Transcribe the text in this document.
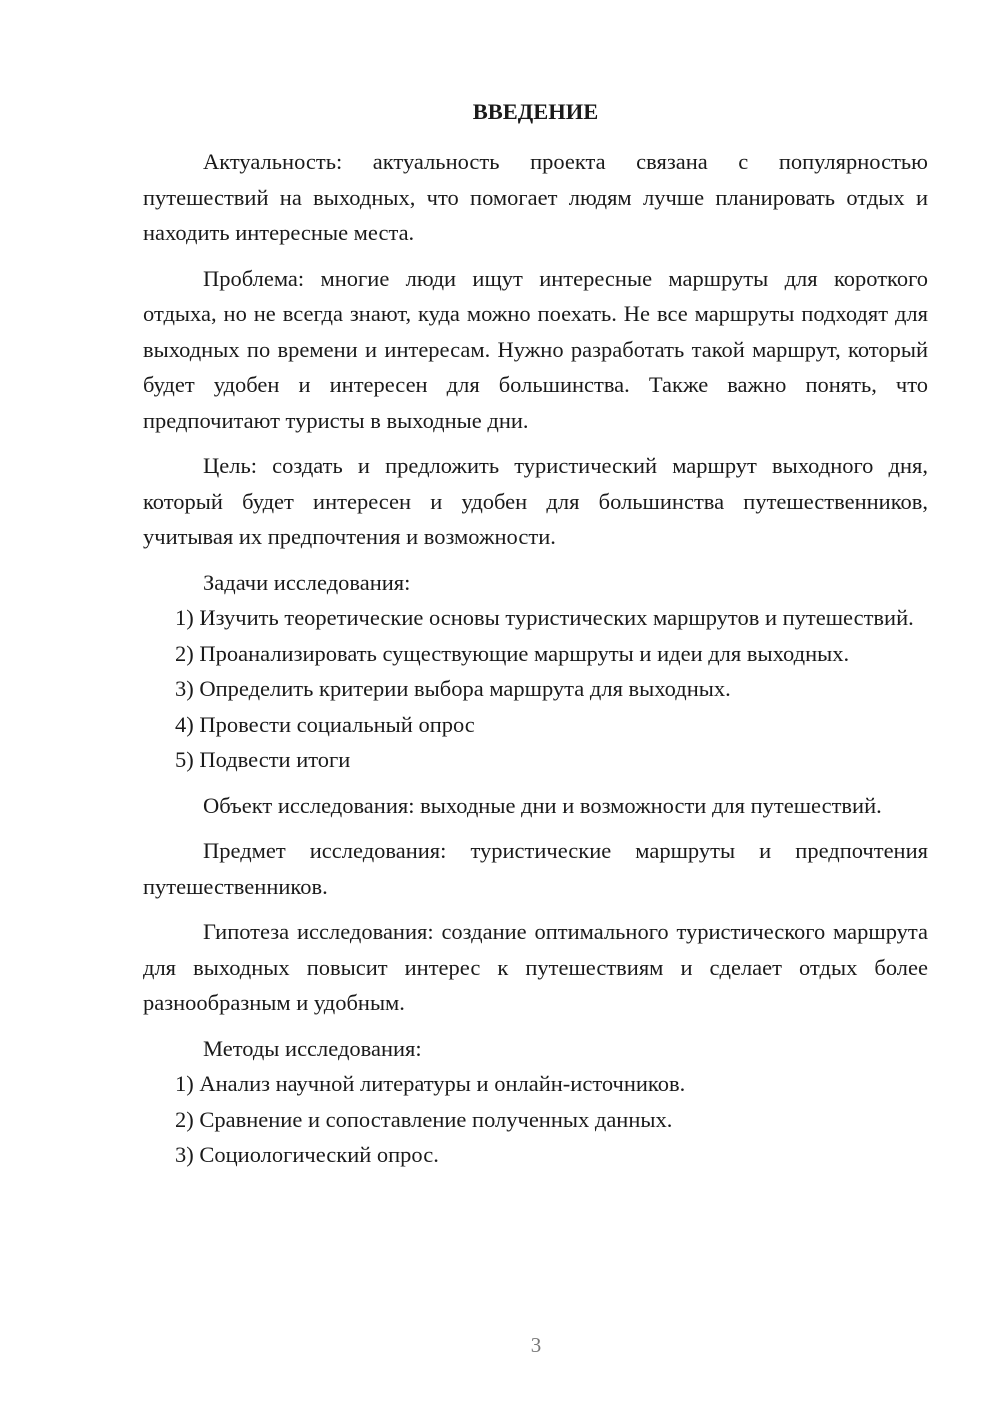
ВВЕДЕНИЕ

Актуальность: актуальность проекта связана с популярностью путешествий на выходных, что помогает людям лучше планировать отдых и находить интересные места.

Проблема: многие люди ищут интересные маршруты для короткого отдыха, но не всегда знают, куда можно поехать. Не все маршруты подходят для выходных по времени и интересам. Нужно разработать такой маршрут, который будет удобен и интересен для большинства. Также важно понять, что предпочитают туристы в выходные дни.

Цель: создать и предложить туристический маршрут выходного дня, который будет интересен и удобен для большинства путешественников, учитывая их предпочтения и возможности.

Задачи исследования:

1) Изучить теоретические основы туристических маршрутов и путешествий.

2) Проанализировать существующие маршруты и идеи для выходных.

3) Определить критерии выбора маршрута для выходных.

4) Провести социальный опрос

5) Подвести итоги

Объект исследования: выходные дни и возможности для путешествий.

Предмет исследования: туристические маршруты и предпочтения путешественников.

Гипотеза исследования: создание оптимального туристического маршрута для выходных повысит интерес к путешествиям и сделает отдых более разнообразным и удобным.

Методы исследования:

1) Анализ научной литературы и онлайн-источников.

2) Сравнение и сопоставление полученных данных.

3) Социологический опрос.

3
